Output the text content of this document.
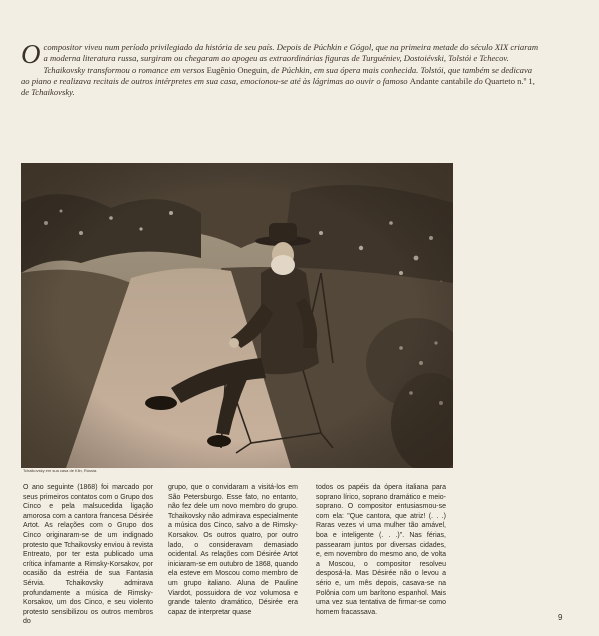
Ocompositor viveu num período privilegiado da história de seu país. Depois de Púchkin e Gógol, que na primeira metade do século XIX criaram a moderna literatura russa, surgiram ou chegaram ao apogeu as extraordinárias figuras de Turguéniev, Dostoiévski, Tolstói e Tchecov. Tchaikovsky transformou o romance em versos Eugênio Oneguin, de Púchkin, em sua ópera mais conhecida. Tolstói, que também se dedicava ao piano e realizava recitais de outros intérpretes em sua casa, emocionou-se até às lágrimas ao ouvir o famoso Andante cantabile do Quarteto n.º 1, de Tchaikovsky.
Tchaikovsky em sua casa de Klin, Rússia.

O ano seguinte (1868) foi marcado por seus primeiros contatos com o Grupo dos Cinco e pela malsucedida ligação amorosa com a cantora francesa Désirée Artot. As relações com o Grupo dos Cinco originaram-se de um indignado protesto que Tchaikovsky enviou à revista Entreato, por ter esta publicado uma crítica infamante a Rimsky-Korsakov, por ocasião da estréia de sua Fantasia Sérvia. Tchaikovsky admirava profundamente a música de Rimsky-Korsakov, um dos Cinco, e seu violento protesto sensibilizou os outros membros do

grupo, que o convidaram a visitá-los em São Petersburgo. Esse fato, no entanto, não fez dele um novo membro do grupo. Tchaikovsky não admirava especialmente a música dos Cinco, salvo a de Rimsky-Korsakov. Os outros quatro, por outro lado, o consideravam demasiado ocidental. As relações com Désirée Artot iniciaram-se em outubro de 1868, quando ela esteve em Moscou como membro de um grupo italiano. Aluna de Pauline Viardot, possuidora de voz volumosa e grande talento dramático, Désirée era capaz de interpretar quase

todos os papéis da ópera italiana para soprano lírico, soprano dramático e meio-soprano. O compositor entusiasmou-se com ela: "Que cantora, que atriz! (. . .) Raras vezes vi uma mulher tão amável, boa e inteligente (. . .)". Nas férias, passearam juntos por diversas cidades, e, em novembro do mesmo ano, de volta a Moscou, o compositor resolveu desposá-la. Mas Désirée não o levou a sério e, um mês depois, casava-se na Polônia com um barítono espanhol. Mais uma vez sua tentativa de firmar-se como homem fracassava.

9
